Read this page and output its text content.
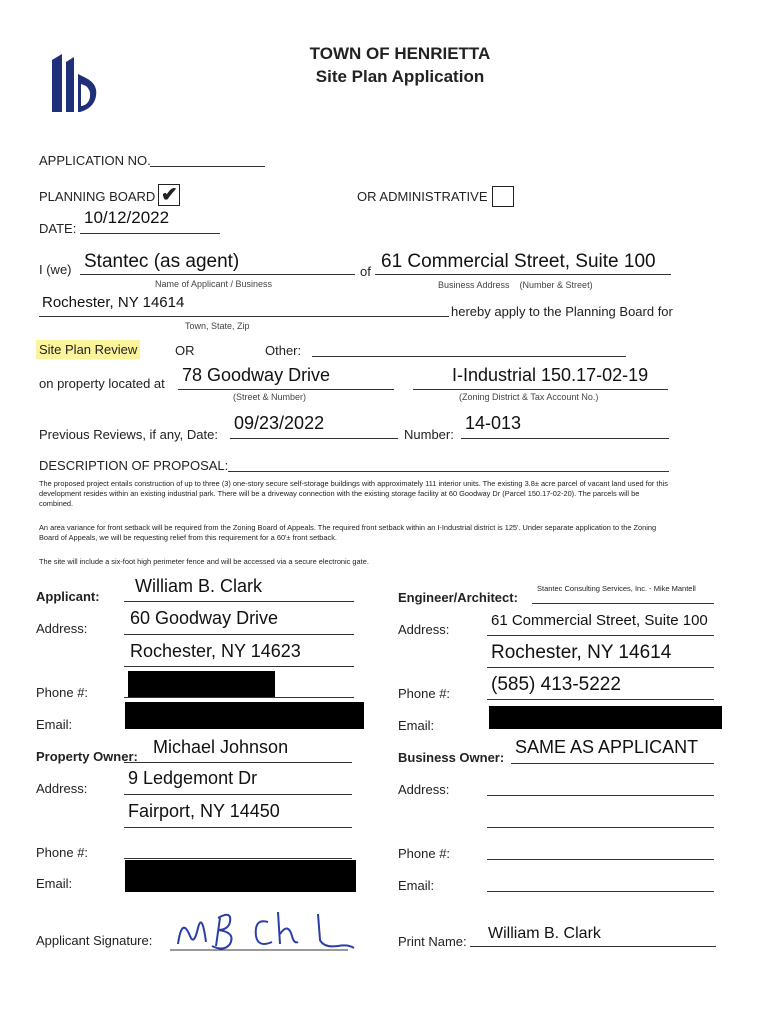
TOWN OF HENRIETTA
Site Plan Application
APPLICATION NO.
PLANNING BOARD ✔	OR ADMINISTRATIVE
DATE:
10/12/2022
I (we) Stantec (as agent)
Name of Applicant / Business
of 61 Commercial Street, Suite 100
Business Address    (Number & Street)
Rochester, NY 14614
Town, State, Zip
hereby apply to the Planning Board for
Site Plan Review	OR	Other:
on property located at 78 Goodway Drive
(Street & Number)
I-Industrial 150.17-02-19
(Zoning District & Tax Account No.)
Previous Reviews, if any, Date:
09/23/2022
Number:
14-013
DESCRIPTION OF PROPOSAL:
The proposed project entails construction of up to three (3) one-story secure self-storage buildings with approximately 111 interior units. The existing 3.8± acre parcel of vacant land used for this development resides within an existing industrial park. There will be a driveway connection with the existing storage facility at 60 Goodway Dr (Parcel 150.17-02-20). The parcels will be combined.
An area variance for front setback will be required from the Zoning Board of Appeals. The required front setback within an I-Industrial district is 125'. Under separate application to the Zoning Board of Appeals, we will be requesting relief from this requirement for a 60'± front setback.
The site will include a six-foot high perimeter fence and will be accessed via a secure electronic gate.
Applicant:
William B. Clark
Address:
60 Goodway Drive
Rochester, NY 14623
Phone #:
Email:
Engineer/Architect:
Stantec Consulting Services, Inc. - Mike Mantell
Address:
61 Commercial Street, Suite 100
Rochester, NY 14614
Phone #: (585) 413-5222
Email:
Property Owner: Michael Johnson
Address:
9 Ledgemont Dr
Fairport, NY 14450
Phone #:
Email:
Business Owner:
SAME AS APPLICANT
Address:
Phone #:
Email:
Applicant Signature:	Print Name: William B. Clark
